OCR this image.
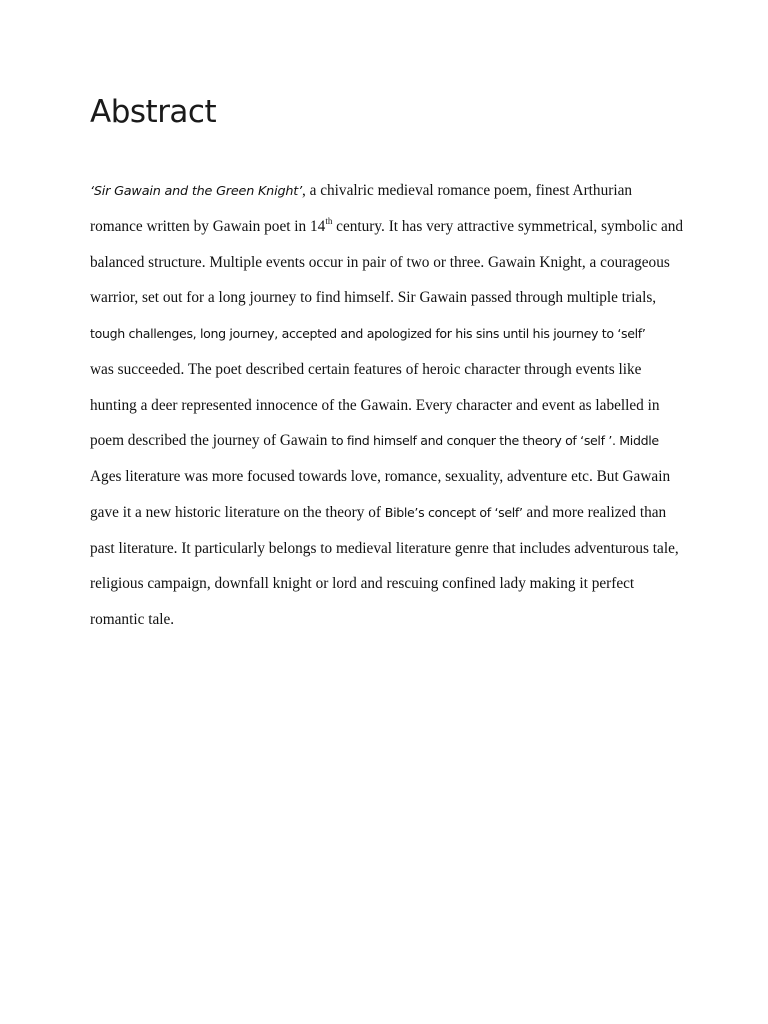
Abstract
‘Sir Gawain and the Green Knight’, a chivalric medieval romance poem, finest Arthurian
romance written by Gawain poet in 14th century. It has very attractive symmetrical, symbolic and
balanced structure. Multiple events occur in pair of two or three. Gawain Knight, a courageous
warrior, set out for a long journey to find himself. Sir Gawain passed through multiple trials,
tough challenges, long journey, accepted and apologized for his sins until his journey to ‘self’
was succeeded. The poet described certain features of heroic character through events like
hunting a deer represented innocence of the Gawain. Every character and event as labelled in
poem described the journey of Gawain to find himself and conquer the theory of ‘self ’. Middle
Ages literature was more focused towards love, romance, sexuality, adventure etc. But Gawain
gave it a new historic literature on the theory of Bible’s concept of ‘self’ and more realized than
past literature. It particularly belongs to medieval literature genre that includes adventurous tale,
religious campaign, downfall knight or lord and rescuing confined lady making it perfect
romantic tale.
